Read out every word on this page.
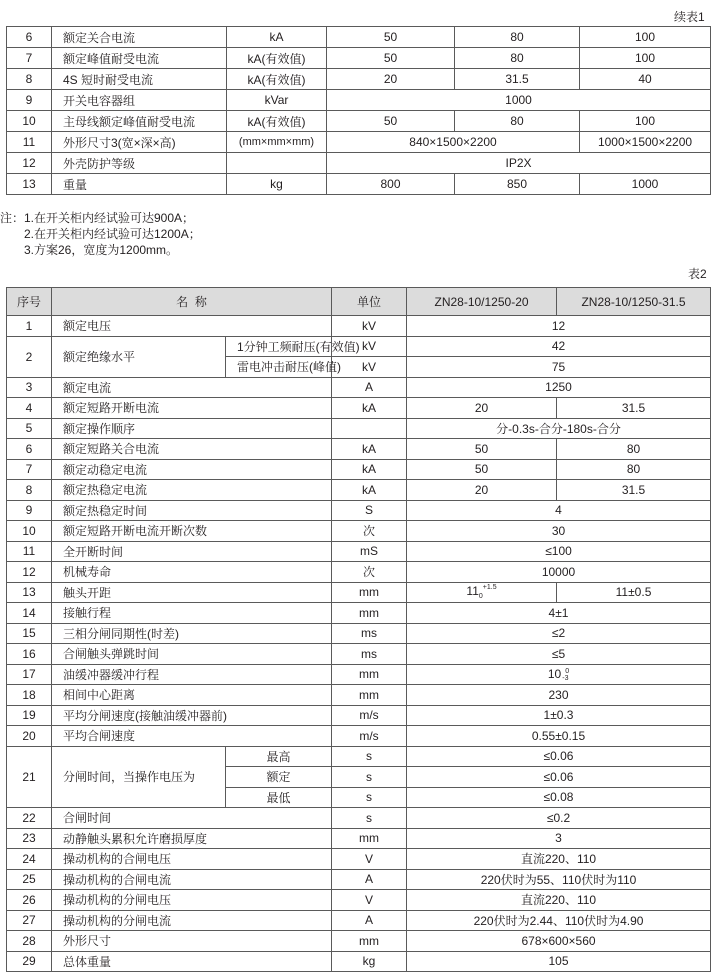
续表1
6	额定关合电流	kA	50	80	100
7	额定峰值耐受电流	kA(有效值)	50	80	100
8	4S 短时耐受电流	kA(有效值)	20	31.5	40
9	开关电容器组	kVar	1000		
10	主母线额定峰值耐受电流	kA(有效值)	50	80	100
11	外形尺寸3(宽×深×高)	(mm×mm×mm)	840×1500×2200		1000×1500×2200
12	外壳防护等级		IP2X		
13	重量	kg	800	850	1000
注：1.在开关柜内经试验可达900A；
2.在开关柜内经试验可达1200A；
3.方案26，宽度为1200mm。
表2
序号	名  称		单位	ZN28-10/1250-20	ZN28-10/1250-31.5
1	额定电压		kV	12	
2	额定绝缘水平	1分钟工频耐压(有效值)	kV	42	
		雷电冲击耐压(峰值)	kV	75	
3	额定电流		A	1250	
4	额定短路开断电流		kA	20	31.5
5	额定操作顺序			分-0.3s-合分-180s-合分	
6	额定短路关合电流		kA	50	80
7	额定动稳定电流		kA	50	80
8	额定热稳定电流		kA	20	31.5
9	额定热稳定时间		S	4	
10	额定短路开断电流开断次数		次	30	
11	全开断时间		mS	≤100	
12	机械寿命		次	10000	
13	触头开距		mm	$11_0^{+1.5}$	11±0.5
14	接触行程		mm	4±1	
15	三相分闸同期性(时差)		ms	≤2	
16	合闸触头弹跳时间		ms	≤5	
17	油缓冲器缓冲行程		mm	10 0
-3	

18	相间中心距离		mm	230	
19	平均分闸速度(接触油缓冲器前)		m/s	1±0.3	
20	平均合闸速度		m/s	0.55±0.15	
21	分闸时间，当操作电压为	最高	s	≤0.06	
		额定	s	≤0.06	
		最低	s	≤0.08	
22	合闸时间		s	≤0.2	
23	动静触头累积允许磨损厚度		mm	3	
24	操动机构的合闸电压		V	直流220、110	
25	操动机构的合闸电流		A	220伏时为55、110伏时为110	
26	操动机构的分闸电压		V	直流220、110	
27	操动机构的分闸电流		A	220伏时为2.44、110伏时为4.90	
28	外形尺寸		mm	678×600×560	
29	总体重量		kg	105	
